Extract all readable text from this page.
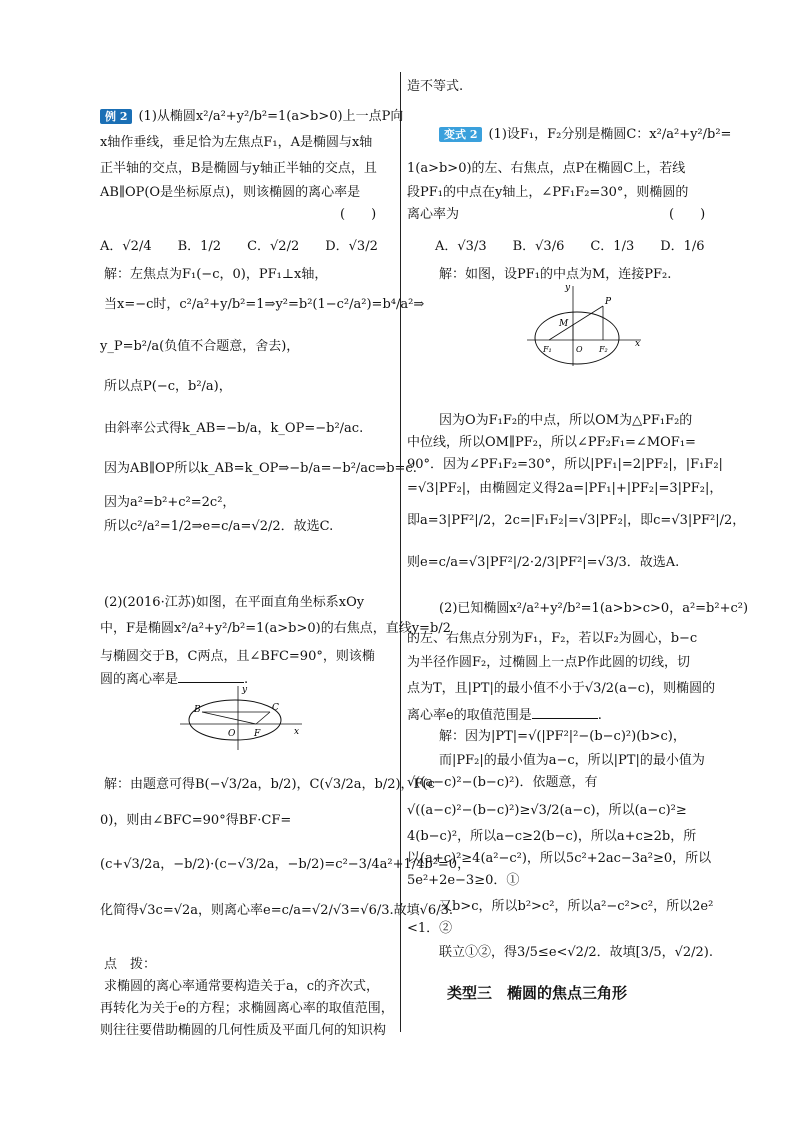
例 2 (1)从椭圆x²/a²+y²/b²=1(a>b>0)上一点P向
x轴作垂线，垂足恰为左焦点F₁，A是椭圆与x轴
正半轴的交点，B是椭圆与y轴正半轴的交点，且
AB∥OP(O是坐标原点)，则该椭圆的离心率是
(　　)
A．√2/4　　B．1/2　　C．√2/2　　D．√3/2
解：左焦点为F₁(−c，0)，PF₁⊥x轴，
当x=−c时，c²/a²+y/b²=1⇒y²=b²(1−c²/a²)=b⁴/a²⇒
y_P=b²/a(负值不合题意，舍去)，
所以点P(−c，b²/a)，
由斜率公式得k_AB=−b/a，k_OP=−b²/ac.
因为AB∥OP所以k_AB=k_OP⇒−b/a=−b²/ac⇒b=c.
因为a²=b²+c²=2c²，
所以c²/a²=1/2⇒e=c/a=√2/2．故选C.
(2)(2016·江苏)如图，在平面直角坐标系xOy
中，F是椭圆x²/a²+y²/b²=1(a>b>0)的右焦点，直线y=b/2
与椭圆交于B，C两点，且∠BFC=90°，则该椭
圆的离心率是	.
B	C
O F	x
y
解：由题意可得B(−√3/2a，b/2)，C(√3/2a，b/2)，F(c
0)，则由∠BFC=90°得BF·CF=
(c+√3/2a，−b/2)·(c−√3/2a，−b/2)=c²−3/4a²+1/4b²=0，
化简得√3c=√2a，则离心率e=c/a=√2/√3=√6/3.故填√6/3.
点　拨：
求椭圆的离心率通常要构造关于a，c的齐次式，
再转化为关于e的方程；求椭圆离心率的取值范围，
则往往要借助椭圆的几何性质及平面几何的知识构
造不等式.
变式 2 (1)设F₁，F₂分别是椭圆C：x²/a²+y²/b²=
1(a>b>0)的左、右焦点，点P在椭圆C上，若线
段PF₁的中点在y轴上，∠PF₁F₂=30°，则椭圆的
离心率为	(　　)
A．√3/3　　B．√3/6　　C．1/3　　D．1/6
解：如图，设PF₁的中点为M，连接PF₂.
y
P
M
F₁	O F₂
x
因为O为F₁F₂的中点，所以OM为△PF₁F₂的
中位线，所以OM∥PF₂，所以∠PF₂F₁=∠MOF₁=
90°．因为∠PF₁F₂=30°，所以|PF₁|=2|PF₂|，|F₁F₂|
=√3|PF₂|，由椭圆定义得2a=|PF₁|+|PF₂|=3|PF₂|，
即a=3|PF²|/2，2c=|F₁F₂|=√3|PF₂|，即c=√3|PF²|/2，
则e=c/a=√3|PF²|/2·2/3|PF²|=√3/3．故选A.
(2)已知椭圆x²/a²+y²/b²=1(a>b>c>0，a²=b²+c²)
的左、右焦点分别为F₁，F₂，若以F₂为圆心，b−c
为半径作圆F₂，过椭圆上一点P作此圆的切线，切
点为T，且|PT|的最小值不小于√3/2(a−c)，则椭圆的
离心率e的取值范围是	.
解：因为|PT|=√(|PF²|²−(b−c)²)(b>c)，
而|PF₂|的最小值为a−c，所以|PT|的最小值为
√((a−c)²−(b−c)²)．依题意，有
√((a−c)²−(b−c)²)≥√3/2(a−c)，所以(a−c)²≥
4(b−c)²，所以a−c≥2(b−c)，所以a+c≥2b，所
以(a+c)²≥4(a²−c²)，所以5c²+2ac−3a²≥0，所以
5e²+2e−3≥0．①
又b>c，所以b²>c²，所以a²−c²>c²，所以2e²
<1．②
联立①②，得3/5≤e<√2/2．故填[3/5，√2/2).
类型三　椭圆的焦点三角形
